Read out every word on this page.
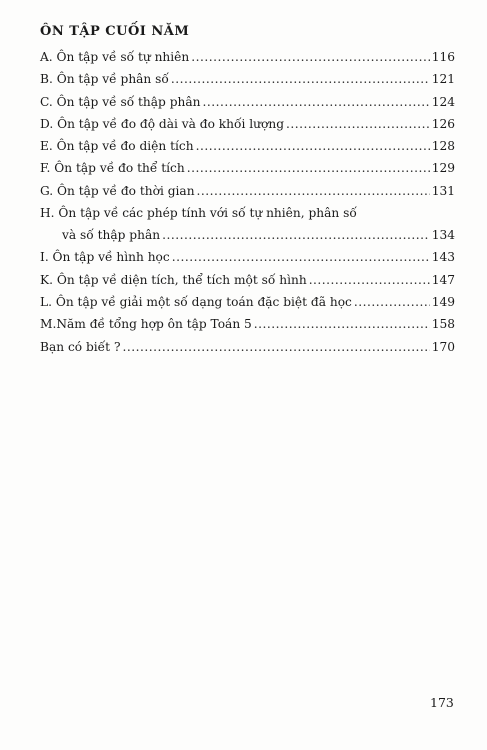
ÔN TẬP CUỐI NĂM
A. Ôn tập về số tự nhiên .....	116
B. Ôn tập về phân số .....	121
C. Ôn tập về số thập phân .....	124
D. Ôn tập về đo độ dài và đo khối lượng .....	126
E. Ôn tập về đo diện tích .....	128
F. Ôn tập về đo thể tích .....	129
G. Ôn tập về đo thời gian .....	131
H. Ôn tập về các phép tính với số tự nhiên, phân số
và số thập phân .....	134
I. Ôn tập về hình học .....	143
K. Ôn tập về diện tích, thể tích một số hình .....	147
L. Ôn tập về giải một số dạng toán đặc biệt đã học .....	149
M.Năm đề tổng hợp ôn tập Toán 5 .....	158
Bạn có biết ? .....	170
173
